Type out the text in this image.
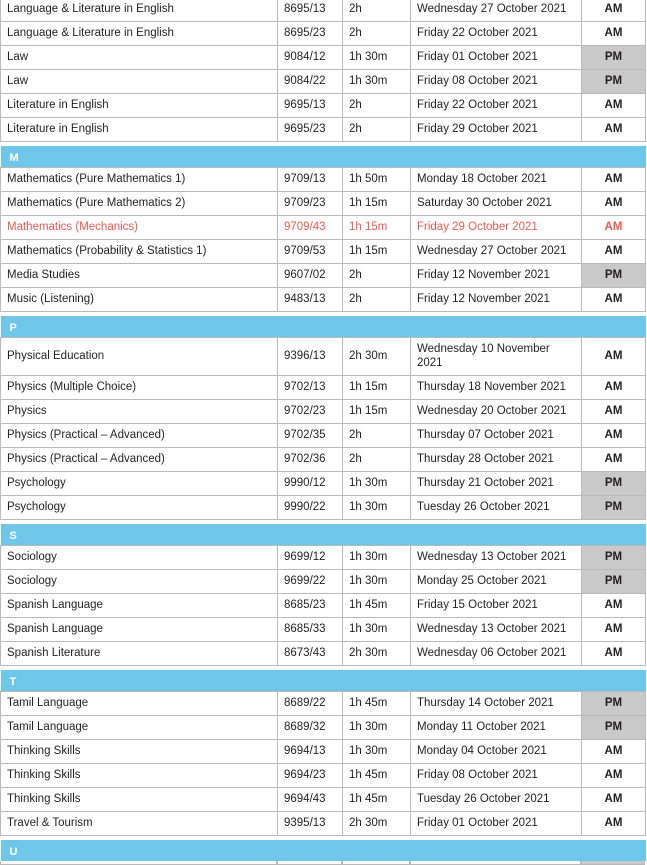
Language & Literature in English	8695/13	2h	Wednesday 27 October 2021	AM
Language & Literature in English	8695/23	2h	Friday 22 October 2021	AM
Law	9084/12	1h 30m	Friday 01 October 2021	PM
Law	9084/22	1h 30m	Friday 08 October 2021	PM
Literature in English	9695/13	2h	Friday 22 October 2021	AM
Literature in English	9695/23	2h	Friday 29 October 2021	AM

M				

Mathematics (Pure Mathematics 1)	9709/13	1h 50m	Monday 18 October 2021	AM
Mathematics (Pure Mathematics 2)	9709/23	1h 15m	Saturday 30 October 2021	AM
Mathematics (Mechanics)	9709/43	1h 15m	Friday 29 October 2021	AM
Mathematics (Probability & Statistics 1)	9709/53	1h 15m	Wednesday 27 October 2021	AM
Media Studies	9607/02	2h	Friday 12 November 2021	PM
Music (Listening)	9483/13	2h	Friday 12 November 2021	AM

P				

Physical Education	9396/13	2h 30m	Wednesday 10 November 2021	AM
Physics (Multiple Choice)	9702/13	1h 15m	Thursday 18 November 2021	AM
Physics	9702/23	1h 15m	Wednesday 20 October 2021	AM
Physics (Practical – Advanced)	9702/35	2h	Thursday 07 October 2021	AM
Physics (Practical – Advanced)	9702/36	2h	Thursday 28 October 2021	AM
Psychology	9990/12	1h 30m	Thursday 21 October 2021	PM
Psychology	9990/22	1h 30m	Tuesday 26 October 2021	PM

S				

Sociology	9699/12	1h 30m	Wednesday 13 October 2021	PM
Sociology	9699/22	1h 30m	Monday 25 October 2021	PM
Spanish Language	8685/23	1h 45m	Friday 15 October 2021	AM
Spanish Language	8685/33	1h 30m	Wednesday 13 October 2021	AM
Spanish Literature	8673/43	2h 30m	Wednesday 06 October 2021	AM

T				

Tamil Language	8689/22	1h 45m	Thursday 14 October 2021	PM
Tamil Language	8689/32	1h 30m	Monday 11 October 2021	PM
Thinking Skills	9694/13	1h 30m	Monday 04 October 2021	AM
Thinking Skills	9694/23	1h 45m	Friday 08 October 2021	AM
Thinking Skills	9694/43	1h 45m	Tuesday 26 October 2021	AM
Travel & Tourism	9395/13	2h 30m	Friday 01 October 2021	AM

U				
